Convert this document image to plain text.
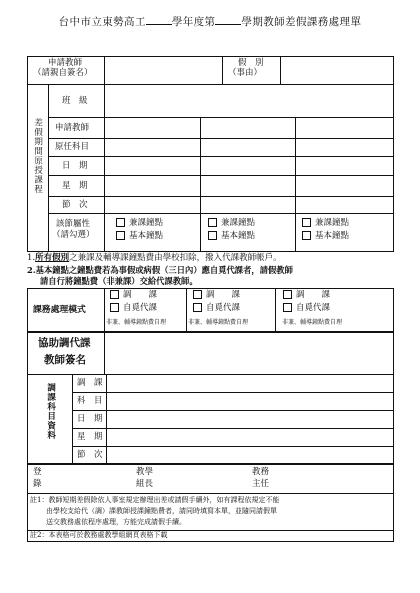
台中市立東勢高工 學年度第 學期教師差假課務處理單
申請教師
（請親自簽名）
假　別
（事由）
差假期間原授課程
班　級
申請教師
原任科目
日　期
星　期
節　次
該節屬性
（請勾選）
兼課鐘點
基本鐘點
兼課鐘點
基本鐘點
兼課鐘點
基本鐘點
1.所有假別之兼課及輔導課鐘點費由學校扣除，撥入代課教師帳戶。
2.基本鐘點之鐘點費若為事假或病假（三日內）應自覓代課者，請假教師
請自行將鐘點費（非兼課）交給代課教師。
課務處理模式
調　　課
自覓代課
非兼、輔導鐘點費自理
調　　課
自覓代課
非兼、輔導鐘點費自理
調　　課
自覓代課
非兼、輔導鐘點費自理
協助調代課
教師簽名
調課科目資料	調　課
科　目
日　期
星　期
節　次
登
錄
教學
組長
教務
主任
註1：教師短期差假除依人事室規定辦理出差或請假手續外，如有課程依規定不能
由學校支給代（調）課教師授課鐘點費者，請同時填寫本單，並隨同請假單
送交教務處依程序處理，方能完成請假手續。
註2：本表格可於教務處教學組網頁表格下載
